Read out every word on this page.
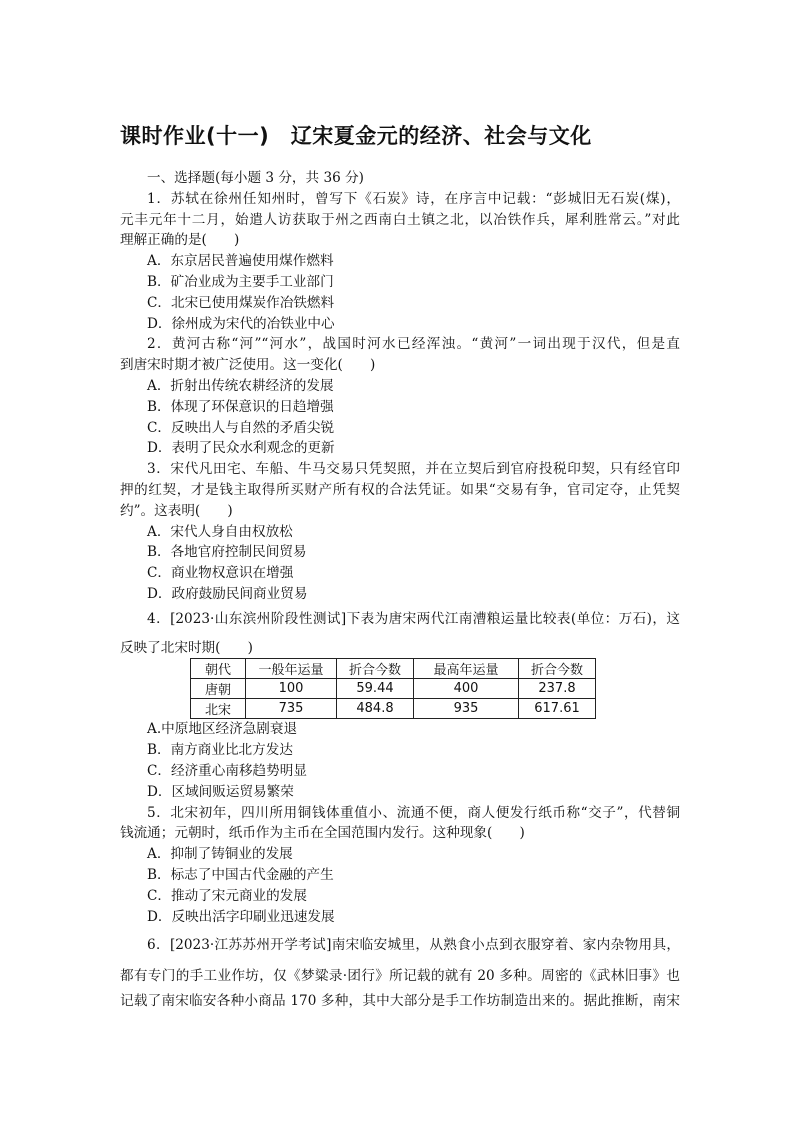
课时作业(十一)　辽宋夏金元的经济、社会与文化
一、选择题(每小题 3 分，共 36 分)
1．苏轼在徐州任知州时，曾写下《石炭》诗，在序言中记载：“彭城旧无石炭(煤)，
元丰元年十二月，始遣人访获取于州之西南白土镇之北，以冶铁作兵，犀利胜常云。”对此
理解正确的是(　　)
A．东京居民普遍使用煤作燃料
B．矿冶业成为主要手工业部门
C．北宋已使用煤炭作冶铁燃料
D．徐州成为宋代的冶铁业中心
2．黄河古称“河”“河水”，战国时河水已经浑浊。“黄河”一词出现于汉代，但是直
到唐宋时期才被广泛使用。这一变化(　　)
A．折射出传统农耕经济的发展
B．体现了环保意识的日趋增强
C．反映出人与自然的矛盾尖锐
D．表明了民众水利观念的更新
3．宋代凡田宅、车船、牛马交易只凭契照，并在立契后到官府投税印契，只有经官印
押的红契，才是钱主取得所买财产所有权的合法凭证。如果“交易有争，官司定夺，止凭契
约”。这表明(　　)
A．宋代人身自由权放松
B．各地官府控制民间贸易
C．商业物权意识在增强
D．政府鼓励民间商业贸易
4．[2023·山东滨州阶段性测试]下表为唐宋两代江南漕粮运量比较表(单位：万石)，这
反映了北宋时期(　　)
朝代	一般年运量	折合今数	最高年运量	折合今数
唐朝	100	59.44	400	237.8
北宋	735	484.8	935	617.61
A.中原地区经济急剧衰退
B．南方商业比北方发达
C．经济重心南移趋势明显
D．区域间贩运贸易繁荣
5．北宋初年，四川所用铜钱体重值小、流通不便，商人便发行纸币称“交子”，代替铜
钱流通；元朝时，纸币作为主币在全国范围内发行。这种现象(　　)
A．抑制了铸铜业的发展
B．标志了中国古代金融的产生
C．推动了宋元商业的发展
D．反映出活字印刷业迅速发展
6．[2023·江苏苏州开学考试]南宋临安城里，从熟食小点到衣服穿着、家内杂物用具，
都有专门的手工业作坊，仅《梦粱录·团行》所记载的就有 20 多种。周密的《武林旧事》也
记载了南宋临安各种小商品 170 多种，其中大部分是手工作坊制造出来的。据此推断，南宋
